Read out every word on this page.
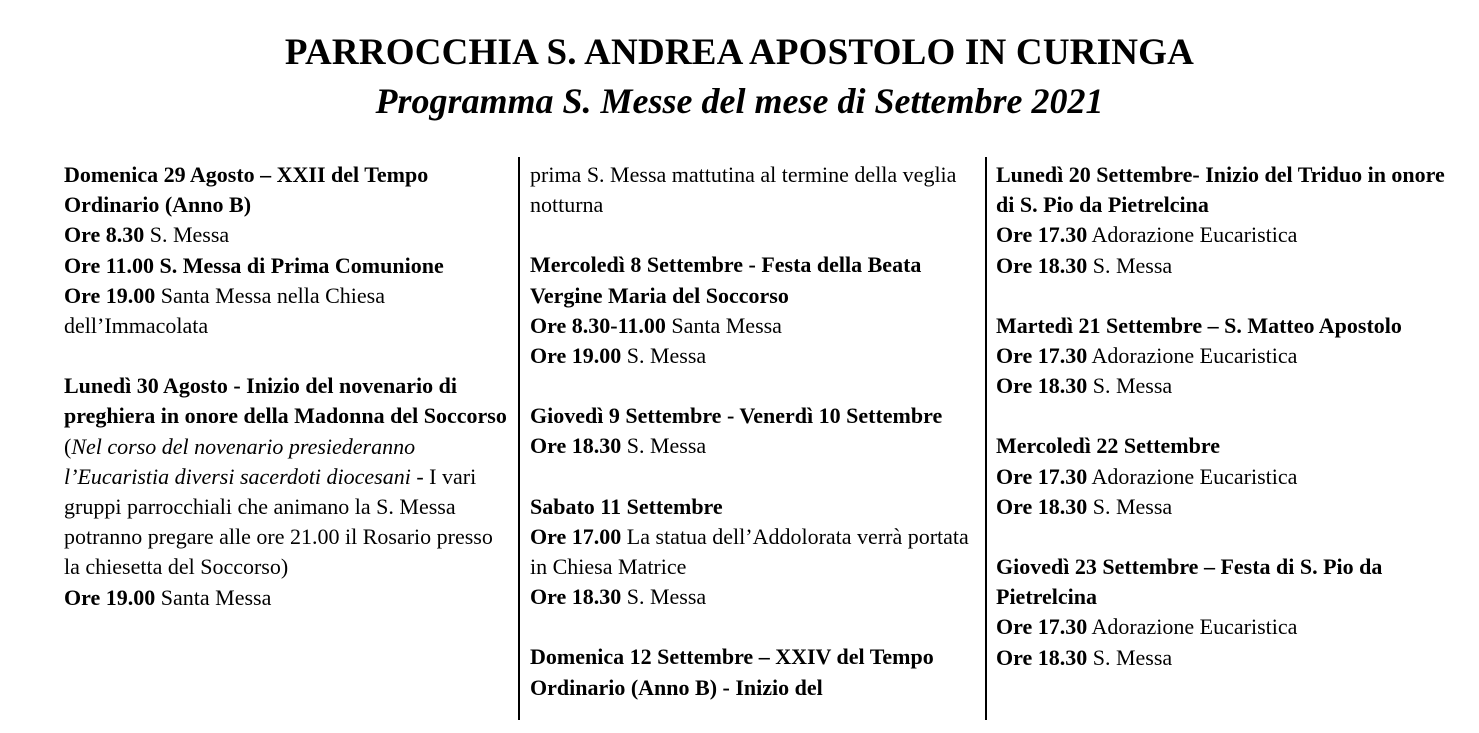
PARROCCHIA S. ANDREA APOSTOLO IN CURINGA
Programma S. Messe del mese di Settembre 2021
Domenica 29 Agosto – XXII del Tempo Ordinario (Anno B)
Ore 8.30 S. Messa
Ore 11.00 S. Messa di Prima Comunione
Ore 19.00 Santa Messa nella Chiesa dell’Immacolata
Lunedì 30 Agosto - Inizio del novenario di preghiera in onore della Madonna del Soccorso
(Nel corso del novenario presiederanno l’Eucaristia diversi sacerdoti diocesani - I vari gruppi parrocchiali che animano la S. Messa potranno pregare alle ore 21.00 il Rosario presso la chiesetta del Soccorso)
Ore 19.00 Santa Messa
prima S. Messa mattutina al termine della veglia notturna
Mercoledì 8 Settembre - Festa della Beata Vergine Maria del Soccorso
Ore 8.30-11.00 Santa Messa
Ore 19.00 S. Messa
Giovedì 9 Settembre - Venerdì 10 Settembre
Ore 18.30 S. Messa
Sabato 11 Settembre
Ore 17.00 La statua dell’Addolorata verrà portata in Chiesa Matrice
Ore 18.30 S. Messa
Domenica 12 Settembre – XXIV del Tempo Ordinario (Anno B) - Inizio del
Lunedì 20 Settembre- Inizio del Triduo in onore di S. Pio da Pietrelcina
Ore 17.30 Adorazione Eucaristica
Ore 18.30 S. Messa
Martedì 21 Settembre – S. Matteo Apostolo
Ore 17.30 Adorazione Eucaristica
Ore 18.30 S. Messa
Mercoledì 22 Settembre
Ore 17.30 Adorazione Eucaristica
Ore 18.30 S. Messa
Giovedì 23 Settembre – Festa di S. Pio da Pietrelcina
Ore 17.30 Adorazione Eucaristica
Ore 18.30 S. Messa
